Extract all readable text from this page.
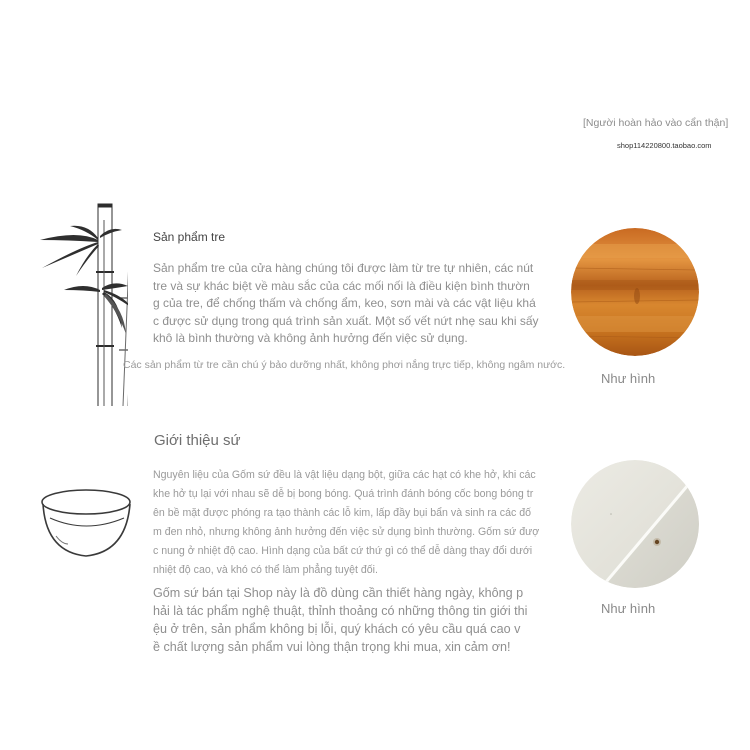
[Người hoàn hảo vào cẩn thận]
shop114220800.taobao.com
Sản phẩm tre
Sản phẩm tre của cửa hàng chúng tôi được làm từ tre tự nhiên, các nút
tre và sự khác biệt về màu sắc của các mối nối là điều kiện bình thườn
g của tre, để chống thấm và chống ẩm, keo, sơn mài và các vật liệu khá
c được sử dụng trong quá trình sản xuất. Một số vết nứt nhẹ sau khi sấy
khô là bình thường và không ảnh hưởng đến việc sử dụng.
Các sản phẩm từ tre cần chú ý bảo dưỡng nhất, không phơi nắng trực tiếp, không ngâm nước.
Như hình
Giới thiệu sứ
Nguyên liệu của Gốm sứ đều là vật liệu dạng bột, giữa các hạt có khe hở, khi các
khe hở tụ lại với nhau sẽ dễ bị bong bóng. Quá trình đánh bóng cốc bong bóng tr
ên bề mặt được phóng ra tạo thành các lỗ kim, lấp đầy bụi bẩn và sinh ra các đố
m đen nhỏ, nhưng không ảnh hưởng đến việc sử dụng bình thường. Gốm sứ đượ
c nung ở nhiệt độ cao. Hình dạng của bất cứ thứ gì có thể dễ dàng thay đổi dưới
nhiệt độ cao, và khó có thể làm phẳng tuyệt đối.
Gốm sứ bán tại Shop này là đồ dùng cần thiết hàng ngày, không p
hải là tác phẩm nghệ thuật, thỉnh thoảng có những thông tin giới thi
ệu ở trên, sản phẩm không bị lỗi, quý khách có yêu cầu quá cao v
ề chất lượng sản phẩm vui lòng thận trọng khi mua, xin cảm ơn!
Như hình
